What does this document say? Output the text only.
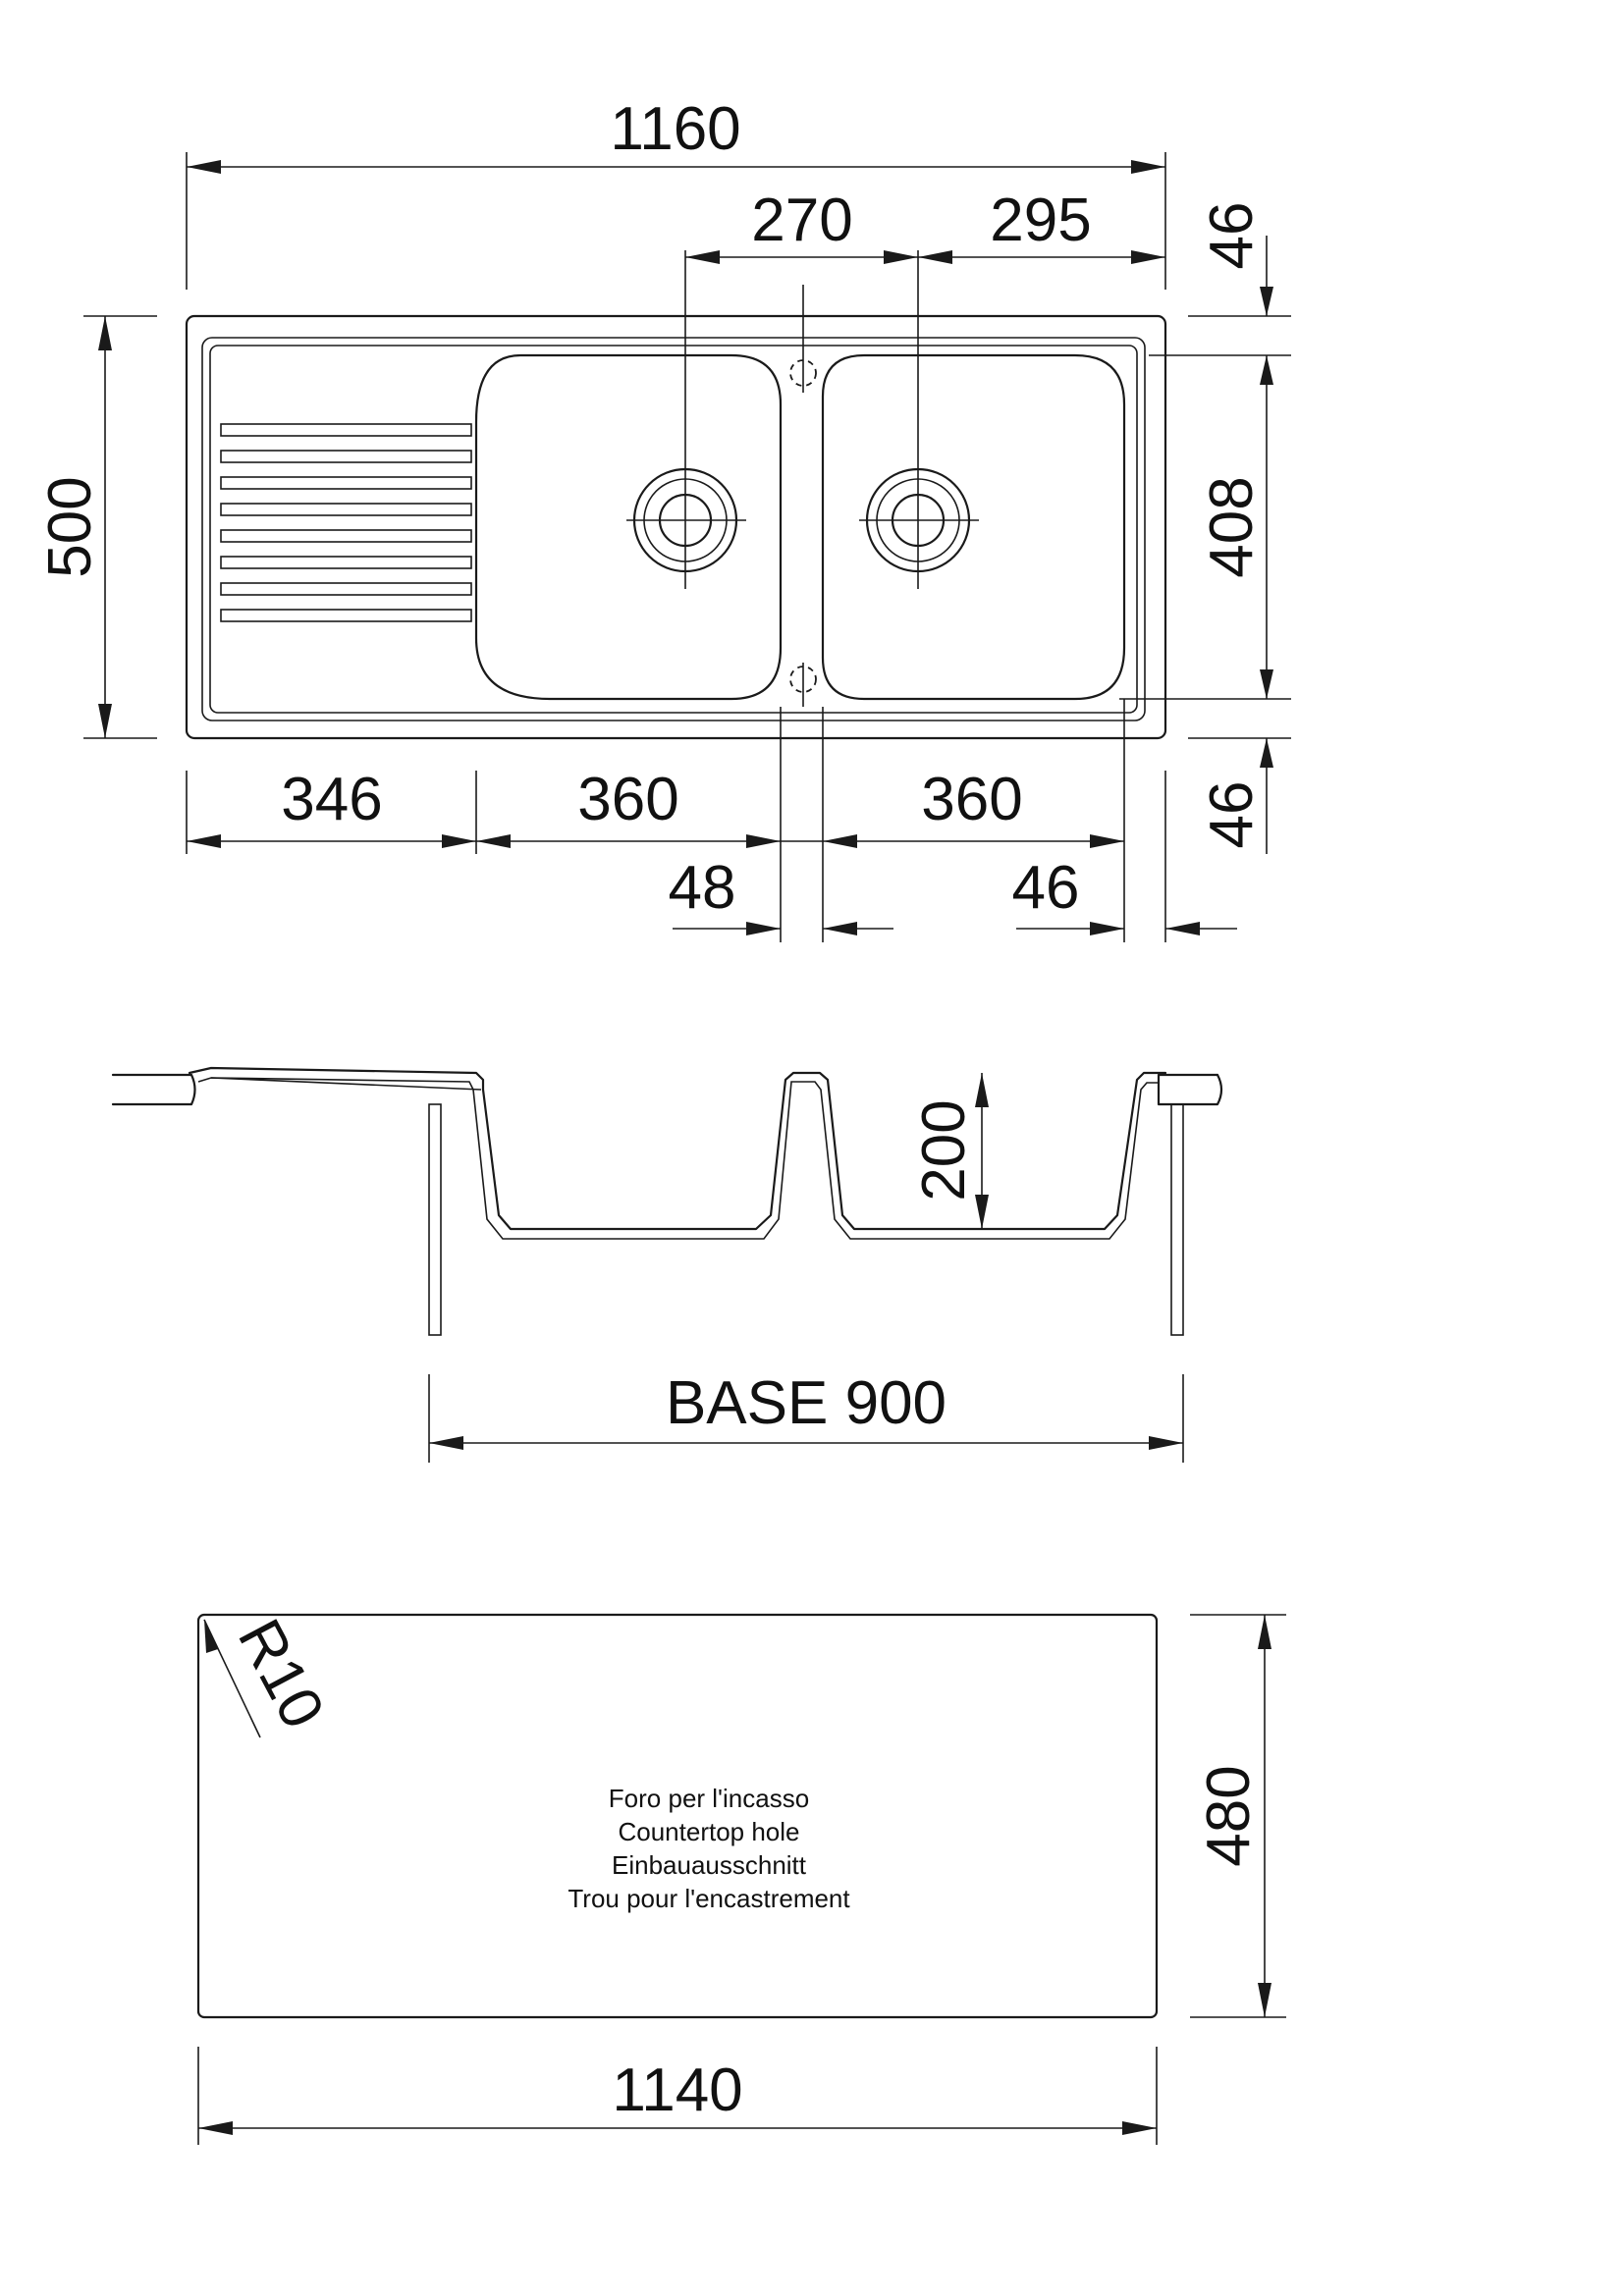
1160
270 295
500
46
408
46
346	360	360
48	46
200
BASE 900
R10
Foro per l'incasso
Countertop hole
Einbauausschnitt
Trou pour l'encastrement
480
1140
